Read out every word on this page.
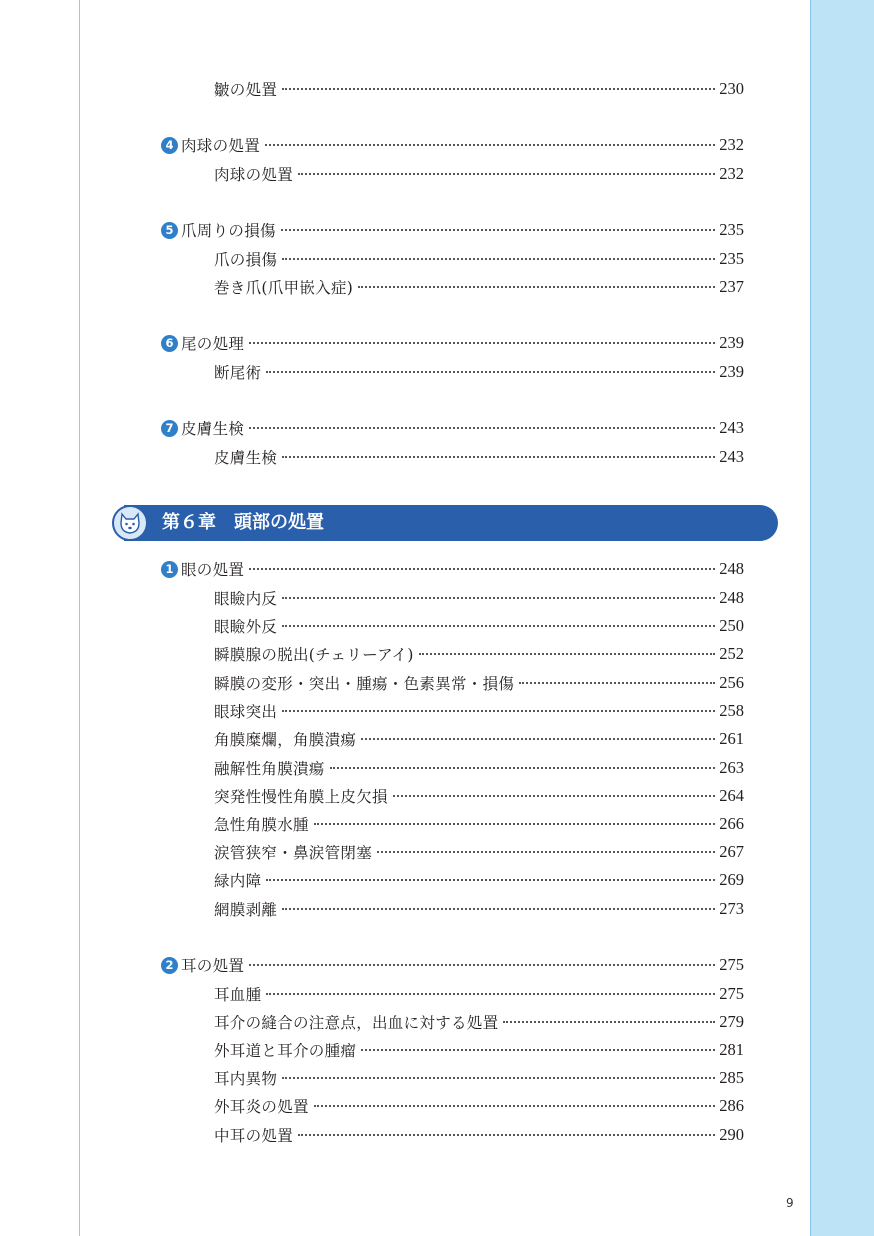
皺の処置	230
4 肉球の処置	232
肉球の処置	232
5 爪周りの損傷	235
爪の損傷	235
巻き爪(爪甲嵌入症)	237
6 尾の処理	239
断尾術	239
7 皮膚生検	243
皮膚生検	243
第６章　頭部の処置
1 眼の処置	248
眼瞼内反	248
眼瞼外反	250
瞬膜腺の脱出(チェリーアイ)	252
瞬膜の変形・突出・腫瘍・色素異常・損傷	256
眼球突出	258
角膜糜爛，角膜潰瘍	261
融解性角膜潰瘍	263
突発性慢性角膜上皮欠損	264
急性角膜水腫	266
涙管狭窄・鼻涙管閉塞	267
緑内障	269
網膜剥離	273
2 耳の処置	275
耳血腫	275
耳介の縫合の注意点，出血に対する処置	279
外耳道と耳介の腫瘤	281
耳内異物	285
外耳炎の処置	286
中耳の処置	290
9
